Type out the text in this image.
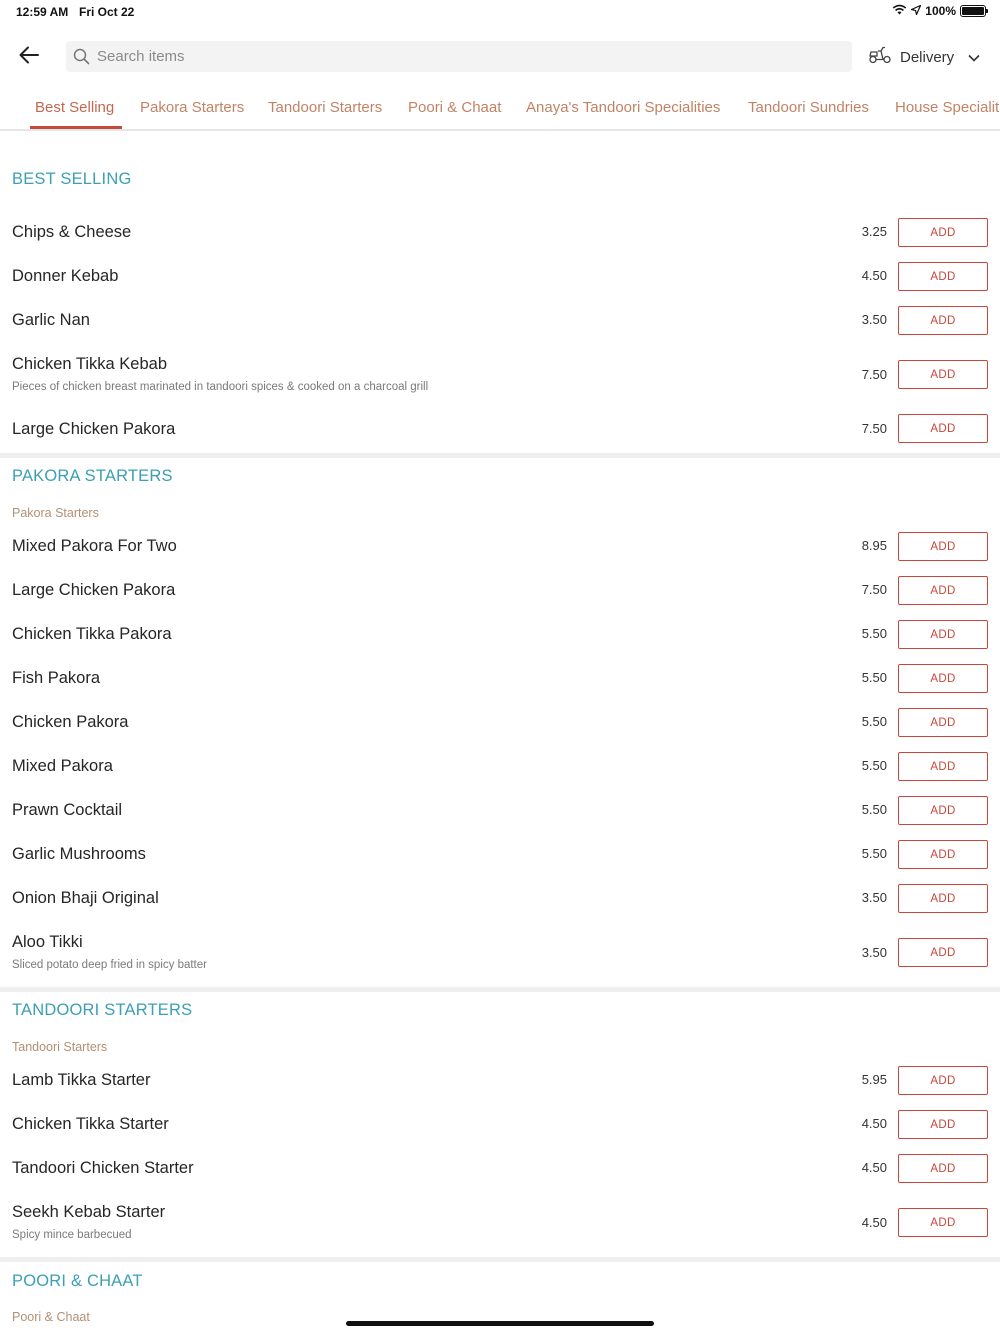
12:59 AM Fri Oct 22	100%
Search items
Delivery
Best Selling Pakora Starters Tandoori Starters Poori & Chaat Anaya's Tandoori Specialities Tandoori Sundries House Specialit
BEST SELLING
Chips & Cheese	3.25	ADD
Donner Kebab	4.50	ADD
Garlic Nan	3.50	ADD
Chicken Tikka Kebab
Pieces of chicken breast marinated in tandoori spices & cooked on a charcoal grill
7.50	ADD
Large Chicken Pakora	7.50	ADD
PAKORA STARTERS
Pakora Starters
Mixed Pakora For Two	8.95	ADD
Large Chicken Pakora	7.50	ADD
Chicken Tikka Pakora	5.50	ADD
Fish Pakora	5.50	ADD
Chicken Pakora	5.50	ADD
Mixed Pakora	5.50	ADD
Prawn Cocktail	5.50	ADD
Garlic Mushrooms	5.50	ADD
Onion Bhaji Original	3.50	ADD
Aloo Tikki
Sliced potato deep fried in spicy batter
3.50	ADD
TANDOORI STARTERS
Tandoori Starters
Lamb Tikka Starter	5.95	ADD
Chicken Tikka Starter	4.50	ADD
Tandoori Chicken Starter	4.50	ADD
Seekh Kebab Starter
Spicy mince barbecued
4.50	ADD
POORI & CHAAT
Poori & Chaat
